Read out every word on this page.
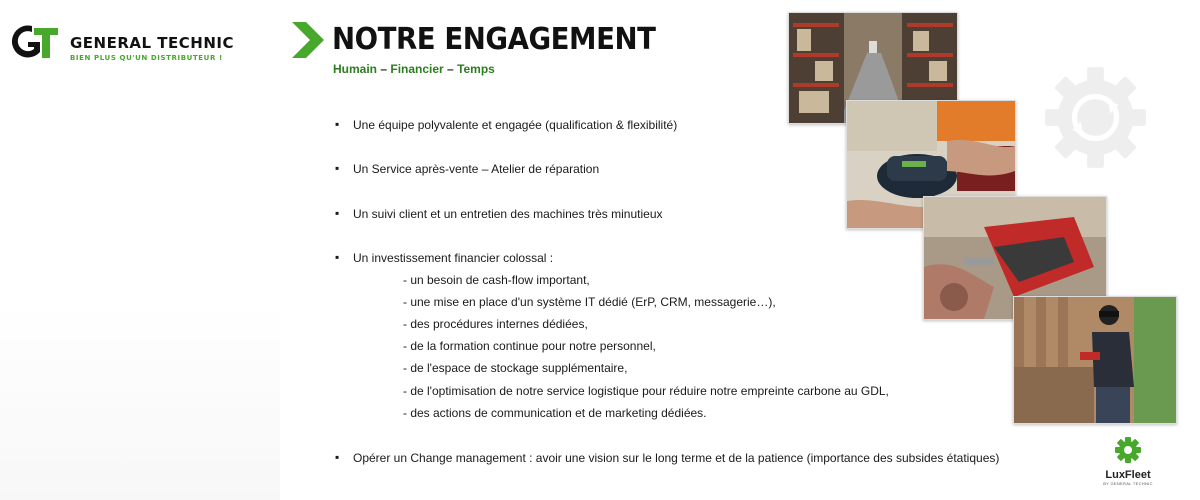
GENERAL TECHNIC
BIEN PLUS QU'UN DISTRIBUTEUR !
NOTRE ENGAGEMENT
Humain – Financier – Temps
▪ Une équipe polyvalente et engagée (qualification & flexibilité)
▪ Un Service après-vente – Atelier de réparation
▪ Un suivi client et un entretien des machines très minutieux
▪ Un investissement financier colossal :
- un besoin de cash-flow important,
- une mise en place d'un système IT dédié (ErP, CRM, messagerie…),
- des procédures internes dédiées,
- de la formation continue pour notre personnel,
- de l'espace de stockage supplémentaire,
- de l'optimisation de notre service logistique pour réduire notre empreinte carbone au GDL,
- des actions de communication et de marketing dédiées.
▪ Opérer un Change management : avoir une vision sur le long terme et de la patience (importance des subsides étatiques)
LuxFleet
BY GENERAL TECHNIC
